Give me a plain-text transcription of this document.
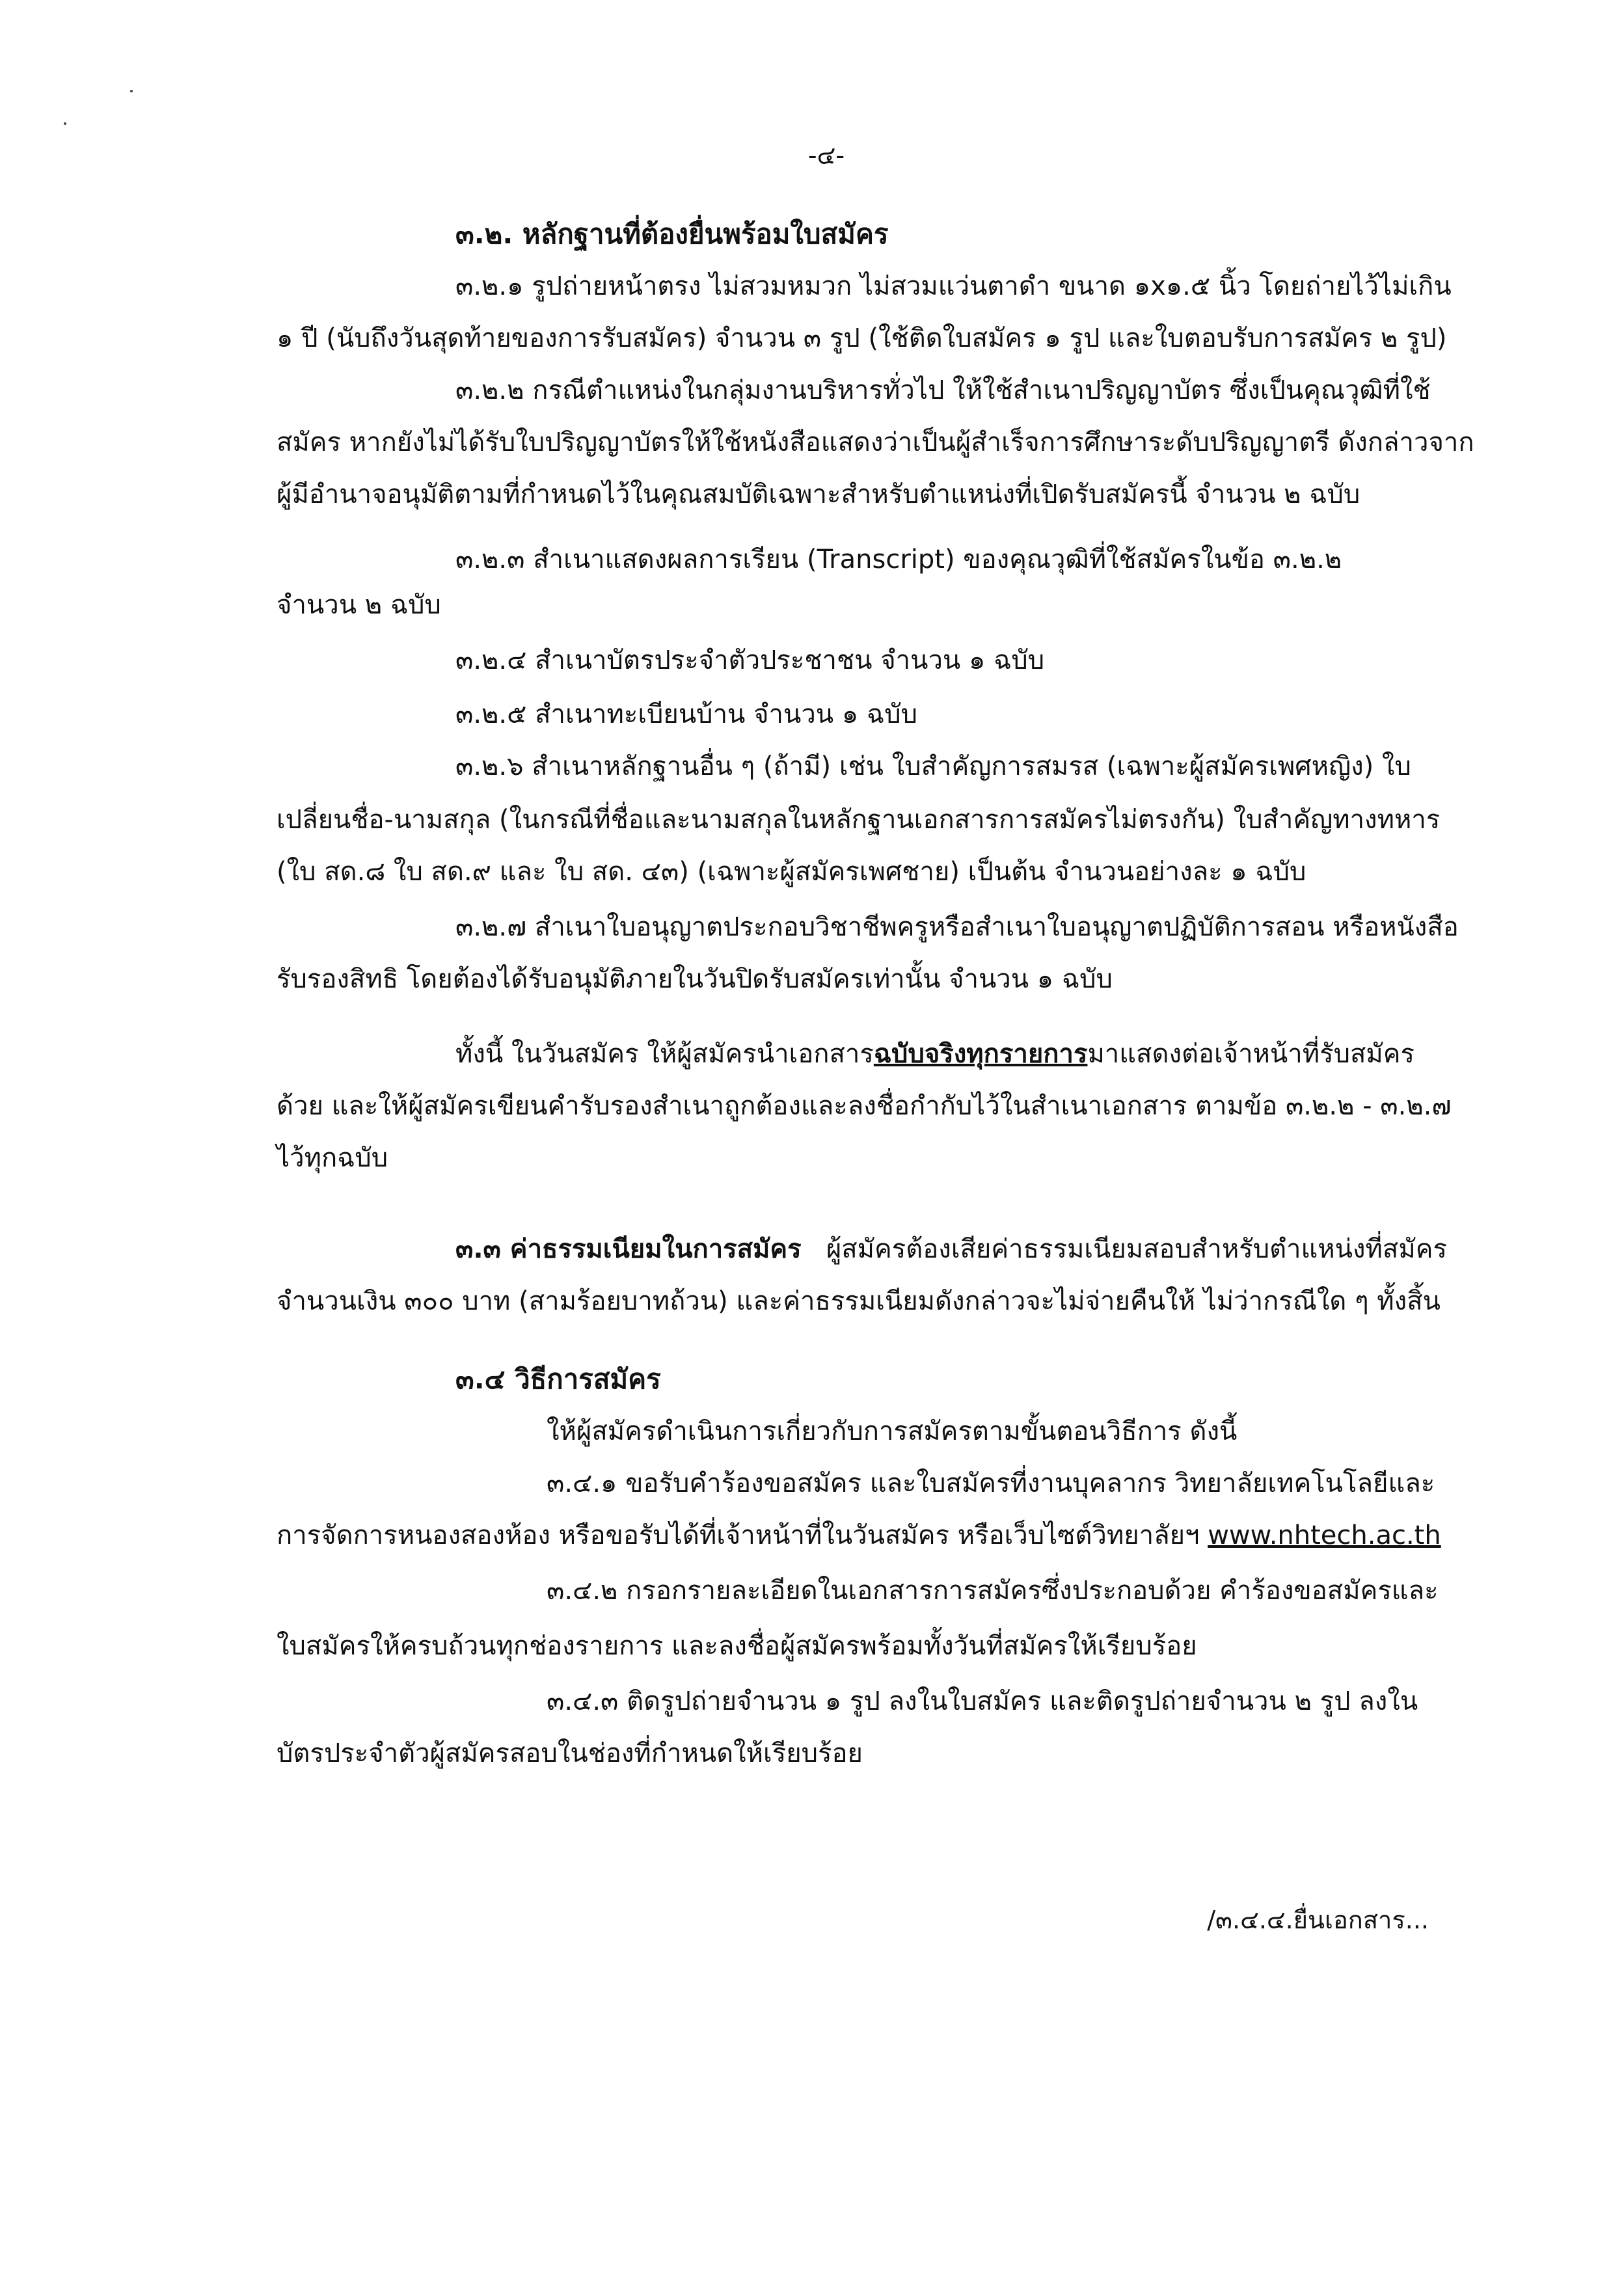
-๔-
๓.๒. หลักฐานที่ต้องยื่นพร้อมใบสมัคร
๓.๒.๑ รูปถ่ายหน้าตรง ไม่สวมหมวก ไม่สวมแว่นตาดำ ขนาด ๑x๑.๕ นิ้ว โดยถ่ายไว้ไม่เกิน
๑ ปี (นับถึงวันสุดท้ายของการรับสมัคร) จำนวน ๓ รูป (ใช้ติดใบสมัคร ๑ รูป และใบตอบรับการสมัคร ๒ รูป)
๓.๒.๒ กรณีตำแหน่งในกลุ่มงานบริหารทั่วไป ให้ใช้สำเนาปริญญาบัตร ซึ่งเป็นคุณวุฒิที่ใช้
สมัคร หากยังไม่ได้รับใบปริญญาบัตรให้ใช้หนังสือแสดงว่าเป็นผู้สำเร็จการศึกษาระดับปริญญาตรี ดังกล่าวจาก
ผู้มีอำนาจอนุมัติตามที่กำหนดไว้ในคุณสมบัติเฉพาะสำหรับตำแหน่งที่เปิดรับสมัครนี้ จำนวน ๒ ฉบับ
๓.๒.๓ สำเนาแสดงผลการเรียน (Transcript) ของคุณวุฒิที่ใช้สมัครในข้อ ๓.๒.๒
จำนวน ๒ ฉบับ
๓.๒.๔ สำเนาบัตรประจำตัวประชาชน จำนวน ๑ ฉบับ
๓.๒.๕ สำเนาทะเบียนบ้าน จำนวน ๑ ฉบับ
๓.๒.๖ สำเนาหลักฐานอื่น ๆ (ถ้ามี) เช่น ใบสำคัญการสมรส (เฉพาะผู้สมัครเพศหญิง) ใบ
เปลี่ยนชื่อ-นามสกุล (ในกรณีที่ชื่อและนามสกุลในหลักฐานเอกสารการสมัครไม่ตรงกัน) ใบสำคัญทางทหาร
(ใบ สด.๘ ใบ สด.๙ และ ใบ สด. ๔๓) (เฉพาะผู้สมัครเพศชาย) เป็นต้น จำนวนอย่างละ ๑ ฉบับ
๓.๒.๗ สำเนาใบอนุญาตประกอบวิชาชีพครูหรือสำเนาใบอนุญาตปฏิบัติการสอน หรือหนังสือ
รับรองสิทธิ โดยต้องได้รับอนุมัติภายในวันปิดรับสมัครเท่านั้น จำนวน ๑ ฉบับ
ทั้งนี้ ในวันสมัคร ให้ผู้สมัครนำเอกสารฉบับจริงทุกรายการมาแสดงต่อเจ้าหน้าที่รับสมัคร
ด้วย และให้ผู้สมัครเขียนคำรับรองสำเนาถูกต้องและลงชื่อกำกับไว้ในสำเนาเอกสาร ตามข้อ ๓.๒.๒ - ๓.๒.๗
ไว้ทุกฉบับ
๓.๓ ค่าธรรมเนียมในการสมัคร ผู้สมัครต้องเสียค่าธรรมเนียมสอบสำหรับตำแหน่งที่สมัคร
จำนวนเงิน ๓๐๐ บาท (สามร้อยบาทถ้วน) และค่าธรรมเนียมดังกล่าวจะไม่จ่ายคืนให้ ไม่ว่ากรณีใด ๆ ทั้งสิ้น
๓.๔ วิธีการสมัคร
ให้ผู้สมัครดำเนินการเกี่ยวกับการสมัครตามขั้นตอนวิธีการ ดังนี้
๓.๔.๑ ขอรับคำร้องขอสมัคร และใบสมัครที่งานบุคลากร วิทยาลัยเทคโนโลยีและ
การจัดการหนองสองห้อง หรือขอรับได้ที่เจ้าหน้าที่ในวันสมัคร หรือเว็บไซต์วิทยาลัยฯ www.nhtech.ac.th
๓.๔.๒ กรอกรายละเอียดในเอกสารการสมัครซึ่งประกอบด้วย คำร้องขอสมัครและ
ใบสมัครให้ครบถ้วนทุกช่องรายการ และลงชื่อผู้สมัครพร้อมทั้งวันที่สมัครให้เรียบร้อย
๓.๔.๓ ติดรูปถ่ายจำนวน ๑ รูป ลงในใบสมัคร และติดรูปถ่ายจำนวน ๒ รูป ลงใน
บัตรประจำตัวผู้สมัครสอบในช่องที่กำหนดให้เรียบร้อย
/๓.๔.๔.ยื่นเอกสาร...
